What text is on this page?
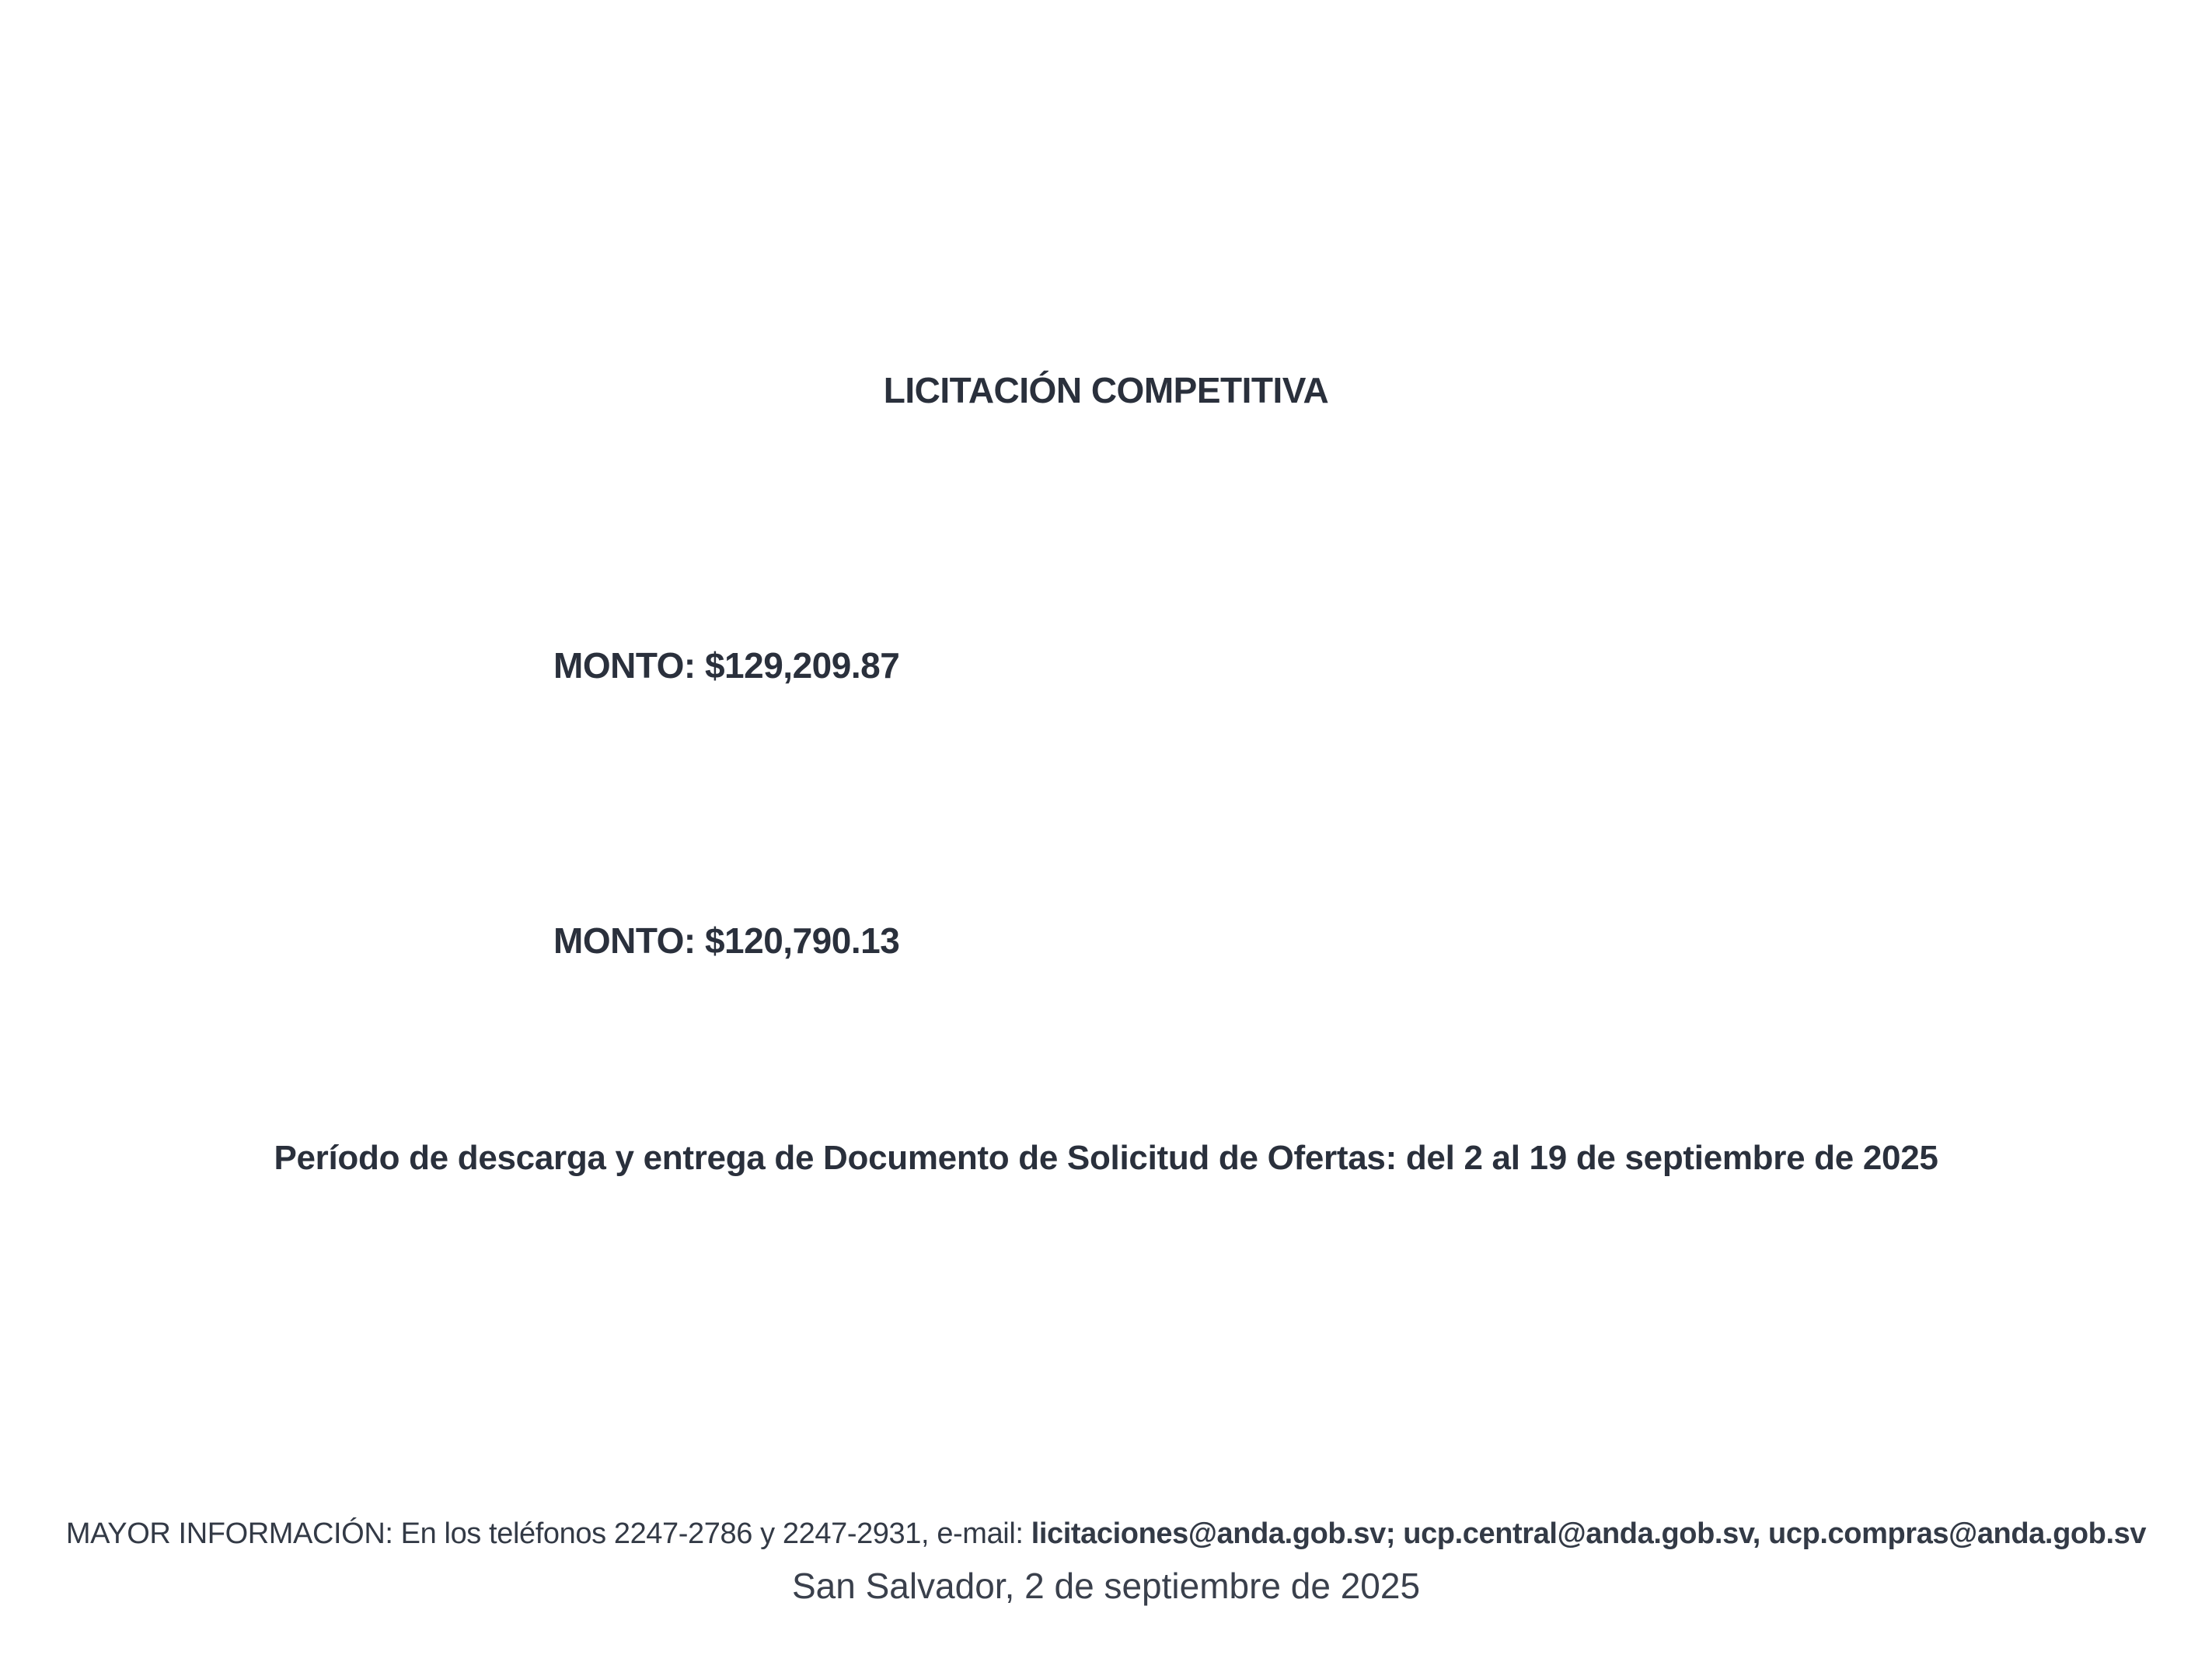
LICITACIÓN COMPETITIVA
MONTO: $129,209.87
MONTO: $120,790.13
Período de descarga y entrega de Documento de Solicitud de Ofertas: del 2 al 19 de septiembre de 2025
MAYOR INFORMACIÓN: En los teléfonos 2247-2786 y 2247-2931, e-mail: licitaciones@anda.gob.sv; ucp.central@anda.gob.sv, ucp.compras@anda.gob.sv
San Salvador, 2 de septiembre de 2025
